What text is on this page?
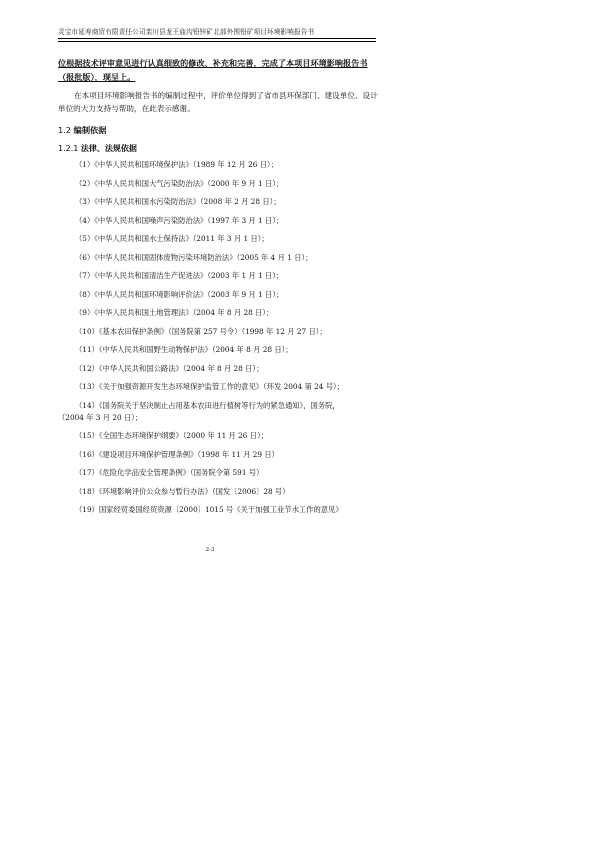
灵宝市延寿商贸有限责任公司栾川县龙王庙沟铅锌矿北部外围铅矿项目环境影响报告书

位根据技术评审意见进行认真细致的修改、补充和完善，完成了本项目环境影响报告书（报批版），现呈上。

在本项目环境影响报告书的编制过程中，评价单位得到了省市县环保部门、建设单位、设计单位的大力支持与帮助，在此表示感谢。

1.2 编制依据
1.2.1 法律、法规依据
（1）《中华人民共和国环境保护法》（1989 年 12 月 26 日）；
（2）《中华人民共和国大气污染防治法》（2000 年 9 月 1 日）；
（3）《中华人民共和国水污染防治法》（2008 年 2 月 28 日）；
（4）《中华人民共和国噪声污染防治法》（1997 年 3 月 1 日）；
（5）《中华人民共和国水土保持法》（2011 年 3 月 1 日）；
（6）《中华人民共和国固体废物污染环境防治法》（2005 年 4 月 1 日）；
（7）《中华人民共和国清洁生产促进法》（2003 年 1 月 1 日）；
（8）《中华人民共和国环境影响评价法》（2003 年 9 月 1 日）；
（9）《中华人民共和国土地管理法》（2004 年 8 月 28 日）；
（10）《基本农田保护条例》（国务院第 257 号令）（1998 年 12 月 27 日）；
（11）《中华人民共和国野生动物保护法》（2004 年 8 月 28 日）；
（12）《中华人民共和国公路法》（2004 年 8 月 28 日）；
（13）《关于加强资源开发生态环境保护监管工作的意见》（环发 2004 第 24 号）；
（14）《国务院关于坚决制止占用基本农田进行植树等行为的紧急通知》，国务院，
（2004 年 3 月 20 日）；
（15）《全国生态环境保护纲要》（2000 年 11 月 26 日）；
（16）《建设项目环境保护管理条例》（1998 年 11 月 29 日）
（17）《危险化学品安全管理条例》（国务院令第 591 号）
（18）《环境影响评价公众参与暂行办法》（国发〔2006〕28 号）
（19）国家经贸委国经贸资源〔2000〕1015 号《关于加强工业节水工作的意见》
2-3
